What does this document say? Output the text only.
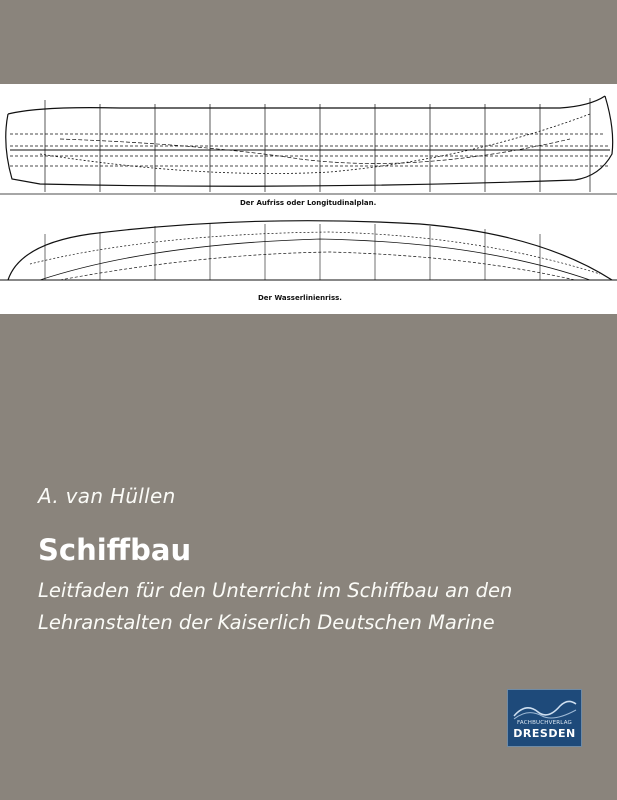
Der Aufriss oder Longitudinalplan.
Der Wasserlinienriss.
A. van Hüllen
Schiffbau
Leitfaden für den Unterricht im Schiffbau an den
Lehranstalten der Kaiserlich Deutschen Marine
FACHBUCHVERLAG
DRESDEN
